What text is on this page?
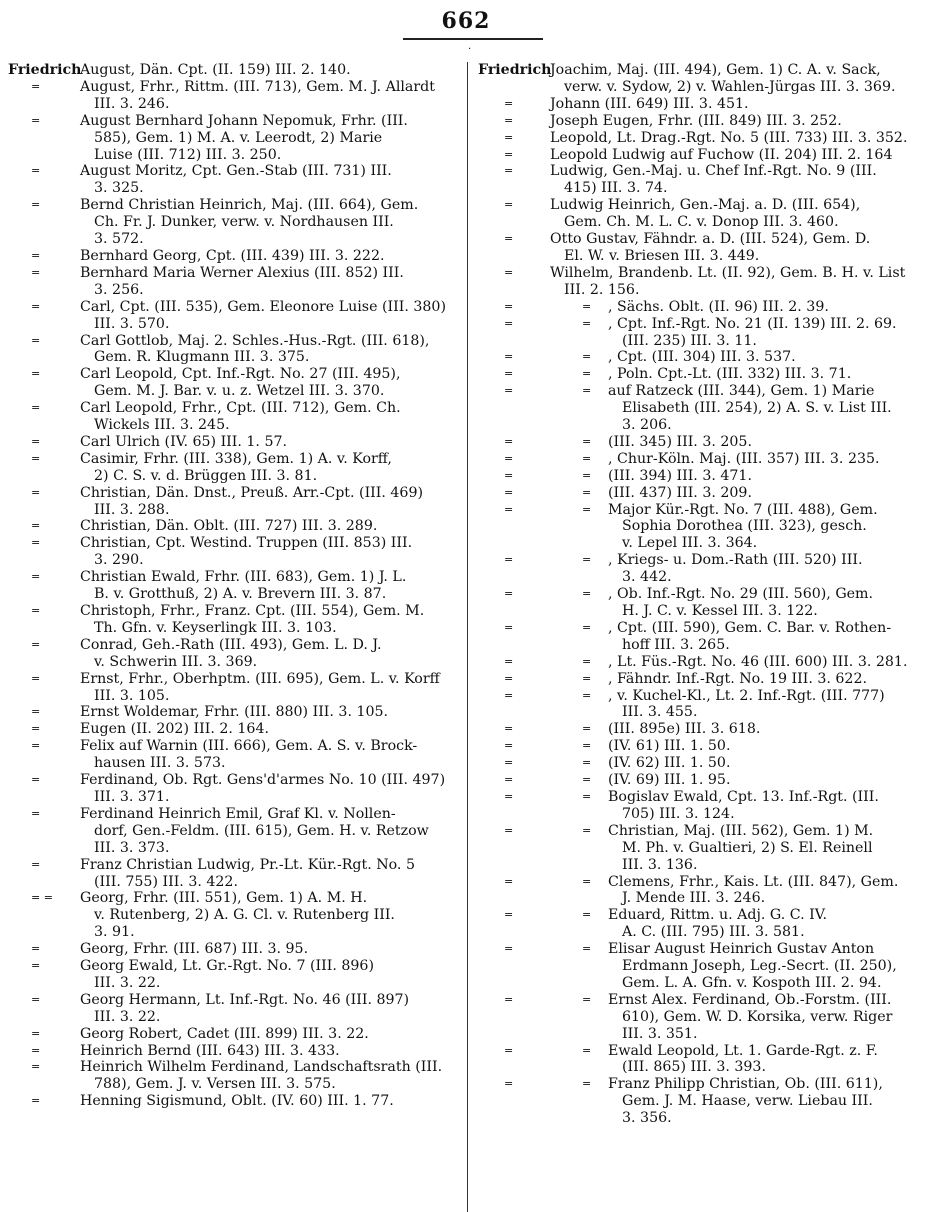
662
·
Friedrich
August, Dän. Cpt. (II. 159) III. 2. 140.
=	August, Frhr., Rittm. (III. 713), Gem. M. J. Allardt
III. 3. 246.
=	August Bernhard Johann Nepomuk, Frhr. (III.
585), Gem. 1) M. A. v. Leerodt, 2) Marie
Luise (III. 712) III. 3. 250.
=	August Moritz, Cpt. Gen.-Stab (III. 731) III.
3. 325.
=	Bernd Christian Heinrich, Maj. (III. 664), Gem.
Ch. Fr. J. Dunker, verw. v. Nordhausen III.
3. 572.
=	Bernhard Georg, Cpt. (III. 439) III. 3. 222.
=	Bernhard Maria Werner Alexius (III. 852) III.
3. 256.
=	Carl, Cpt. (III. 535), Gem. Eleonore Luise (III. 380)
III. 3. 570.
=	Carl Gottlob, Maj. 2. Schles.-Hus.-Rgt. (III. 618),
Gem. R. Klugmann III. 3. 375.
=	Carl Leopold, Cpt. Inf.-Rgt. No. 27 (III. 495),
Gem. M. J. Bar. v. u. z. Wetzel III. 3. 370.
=	Carl Leopold, Frhr., Cpt. (III. 712), Gem. Ch.
Wickels III. 3. 245.
=	Carl Ulrich (IV. 65) III. 1. 57.
=	Casimir, Frhr. (III. 338), Gem. 1) A. v. Korff,
2) C. S. v. d. Brüggen III. 3. 81.
=	Christian, Dän. Dnst., Preuß. Arr.-Cpt. (III. 469)
III. 3. 288.
=	Christian, Dän. Oblt. (III. 727) III. 3. 289.
=	Christian, Cpt. Westind. Truppen (III. 853) III.
3. 290.
=	Christian Ewald, Frhr. (III. 683), Gem. 1) J. L.
B. v. Grotthuß, 2) A. v. Brevern III. 3. 87.
=	Christoph, Frhr., Franz. Cpt. (III. 554), Gem. M.
Th. Gfn. v. Keyserlingk III. 3. 103.
=	Conrad, Geh.-Rath (III. 493), Gem. L. D. J.
v. Schwerin III. 3. 369.
=	Ernst, Frhr., Oberhptm. (III. 695), Gem. L. v. Korff
III. 3. 105.
=	Ernst Woldemar, Frhr. (III. 880) III. 3. 105.
=	Eugen (II. 202) III. 2. 164.
=	Felix auf Warnin (III. 666), Gem. A. S. v. Brock-
hausen III. 3. 573.
=	Ferdinand, Ob. Rgt. Gens'd'armes No. 10 (III. 497)
III. 3. 371.
=	Ferdinand Heinrich Emil, Graf Kl. v. Nollen-
dorf, Gen.-Feldm. (III. 615), Gem. H. v. Retzow
III. 3. 373.
=	Franz Christian Ludwig, Pr.-Lt. Kür.-Rgt. No. 5
(III. 755) III. 3. 422.
= = Georg, Frhr. (III. 551), Gem. 1) A. M. H.
v. Rutenberg, 2) A. G. Cl. v. Rutenberg III.
3. 91.
=	Georg, Frhr. (III. 687) III. 3. 95.
=	Georg Ewald, Lt. Gr.-Rgt. No. 7 (III. 896)
III. 3. 22.
=	Georg Hermann, Lt. Inf.-Rgt. No. 46 (III. 897)
III. 3. 22.
=	Georg Robert, Cadet (III. 899) III. 3. 22.
=	Heinrich Bernd (III. 643) III. 3. 433.
=	Heinrich Wilhelm Ferdinand, Landschaftsrath (III.
788), Gem. J. v. Versen III. 3. 575.
=	Henning Sigismund, Oblt. (IV. 60) III. 1. 77.
Friedrich
Joachim, Maj. (III. 494), Gem. 1) C. A. v. Sack,
verw. v. Sydow, 2) v. Wahlen-Jürgas III. 3. 369.
=	Johann (III. 649) III. 3. 451.
=	Joseph Eugen, Frhr. (III. 849) III. 3. 252.
=	Leopold, Lt. Drag.-Rgt. No. 5 (III. 733) III. 3. 352.
=	Leopold Ludwig auf Fuchow (II. 204) III. 2. 164
=	Ludwig, Gen.-Maj. u. Chef Inf.-Rgt. No. 9 (III.
415) III. 3. 74.
=	Ludwig Heinrich, Gen.-Maj. a. D. (III. 654),
Gem. Ch. M. L. C. v. Donop III. 3. 460.
=	Otto Gustav, Fähndr. a. D. (III. 524), Gem. D.
El. W. v. Briesen III. 3. 449.
=	Wilhelm, Brandenb. Lt. (II. 92), Gem. B. H. v. List
III. 2. 156.
=	= , Sächs. Oblt. (II. 96) III. 2. 39.
=	= , Cpt. Inf.-Rgt. No. 21 (II. 139) III. 2. 69.
(III. 235) III. 3. 11.
=	= , Cpt. (III. 304) III. 3. 537.
=	= , Poln. Cpt.-Lt. (III. 332) III. 3. 71.
=	= auf Ratzeck (III. 344), Gem. 1) Marie
Elisabeth (III. 254), 2) A. S. v. List III.
3. 206.
=	= (III. 345) III. 3. 205.
=	= , Chur-Köln. Maj. (III. 357) III. 3. 235.
=	= (III. 394) III. 3. 471.
=	= (III. 437) III. 3. 209.
=	= Major Kür.-Rgt. No. 7 (III. 488), Gem.
Sophia Dorothea (III. 323), gesch.
v. Lepel III. 3. 364.
=	= , Kriegs- u. Dom.-Rath (III. 520) III.
3. 442.
=	= , Ob. Inf.-Rgt. No. 29 (III. 560), Gem.
H. J. C. v. Kessel III. 3. 122.
=	= , Cpt. (III. 590), Gem. C. Bar. v. Rothen-
hoff III. 3. 265.
=	= , Lt. Füs.-Rgt. No. 46 (III. 600) III. 3. 281.
=	= , Fähndr. Inf.-Rgt. No. 19 III. 3. 622.
=	= , v. Kuchel-Kl., Lt. 2. Inf.-Rgt. (III. 777)
III. 3. 455.
=	= (III. 895e) III. 3. 618.
=	= (IV. 61) III. 1. 50.
=	= (IV. 62) III. 1. 50.
=	= (IV. 69) III. 1. 95.
=	= Bogislav Ewald, Cpt. 13. Inf.-Rgt. (III.
705) III. 3. 124.
=	= Christian, Maj. (III. 562), Gem. 1) M.
M. Ph. v. Gualtieri, 2) S. El. Reinell
III. 3. 136.
=	= Clemens, Frhr., Kais. Lt. (III. 847), Gem.
J. Mende III. 3. 246.
=	= Eduard, Rittm. u. Adj. G. C. IV.
A. C. (III. 795) III. 3. 581.
=	= Elisar August Heinrich Gustav Anton
Erdmann Joseph, Leg.-Secrt. (II. 250),
Gem. L. A. Gfn. v. Kospoth III. 2. 94.
=	= Ernst Alex. Ferdinand, Ob.-Forstm. (III.
610), Gem. W. D. Korsika, verw. Riger
III. 3. 351.
=	= Ewald Leopold, Lt. 1. Garde-Rgt. z. F.
(III. 865) III. 3. 393.
=	= Franz Philipp Christian, Ob. (III. 611),
Gem. J. M. Haase, verw. Liebau III.
3. 356.
